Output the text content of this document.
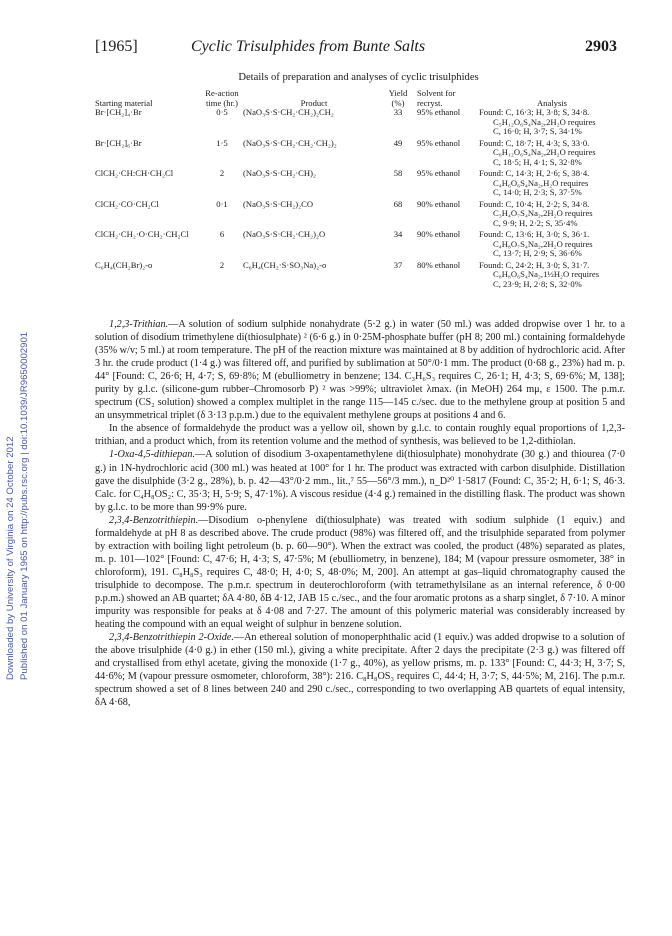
Downloaded by University of Virginia on 24 October 2012 Published on 01 January 1965 on http://pubs.rsc.org | doi:10.1039/JR9650002901
[1965]	Cyclic Trisulphides from Bunte Salts	2903
Details of preparation and analyses of cyclic trisulphides
Starting material	Re-action time (hr.)	Product	Yield (%)	Solvent for recryst.	Analysis
Br·[CH₂]₄·Br	0·5	(NaO₃S·S·CH₂·CH₂)₂CH₂	33	95% ethanol	Found: C, 16·3; H, 3·8; S, 34·8.
C₅H₁₂O₆S₄Na₂,2H₂O requires
C, 16·0; H, 3·7; S, 34·1%

Br·[CH₂]₆·Br	1·5	(NaO₃S·S·CH₂·CH₂·CH₂)₂	49	95% ethanol	Found: C, 18·7; H, 4·3; S, 33·0.
C₆H₁₂O₆S₄Na₂,2H₂O requires
C, 18·5; H, 4·1; S, 32·8%

ClCH₂·CH:CH·CH₂Cl	2	(NaO₃S·S·CH₂·CH)₂	58	95% ethanol	Found: C, 14·3; H, 2·6; S, 38·4.
C₄H₆O₆S₄Na₂,H₂O requires
C, 14·0; H, 2·3; S, 37·5%

ClCH₂·CO·CH₂Cl	0·1	(NaO₃S·S·CH₂)₂CO	68	90% ethanol	Found: C, 10·4; H, 2·2; S, 34·8.
C₃H₄O₇S₄Na₂,2H₂O requires
C, 9·9; H, 2·2; S, 35·4%

ClCH₂·CH₂·O·CH₂·CH₂Cl	6	(NaO₃S·S·CH₂·CH₂)₂O	34	90% ethanol	Found: C, 13·6; H, 3·0; S, 36·1.
C₄H₈O₇S₄Na₂,2H₂O requires
C, 13·7; H, 2·9; S, 36·6%

C₆H₄(CH₂Br)₂-o	2	C₆H₄(CH₂·S·SO₃Na)₂-o	37	80% ethanol	Found: C, 24·2; H, 3·0; S, 31·7.
C₈H₈O₆S₄Na₂,1½H₂O requires
C, 23·9; H, 2·8; S, 32·0%

1,2,3-Trithian.—A solution of sodium sulphide nonahydrate (5·2 g.) in water (50 ml.) was added dropwise over 1 hr. to a solution of disodium trimethylene di(thiosulphate) ² (6·6 g.) in 0·25M-phosphate buffer (pH 8; 200 ml.) containing formaldehyde (35% w/v; 5 ml.) at room temperature. The pH of the reaction mixture was maintained at 8 by addition of hydrochloric acid. After 3 hr. the crude product (1·4 g.) was filtered off, and purified by sublimation at 50°/0·1 mm. The product (0·68 g., 23%) had m. p. 44° [Found: C, 26·6; H, 4·7; S, 69·8%; M (ebulliometry in benzene; 134. C₃H₆S₃ requires C, 26·1; H, 4·3; S, 69·6%; M, 138]; purity by g.l.c. (silicone-gum rubber–Chromosorb P) ² was >99%; ultraviolet λmax. (in MeOH) 264 mμ, ε 1500. The p.m.r. spectrum (CS₂ solution) showed a complex multiplet in the range 115—145 c./sec. due to the methylene group at position 5 and an unsymmetrical triplet (δ 3·13 p.p.m.) due to the equivalent methylene groups at positions 4 and 6.

In the absence of formaldehyde the product was a yellow oil, shown by g.l.c. to contain roughly equal proportions of 1,2,3-trithian, and a product which, from its retention volume and the method of synthesis, was believed to be 1,2-dithiolan.

1-Oxa-4,5-dithiepan.—A solution of disodium 3-oxapentamethylene di(thiosulphate) monohydrate (30 g.) and thiourea (7·0 g.) in 1N-hydrochloric acid (300 ml.) was heated at 100° for 1 hr. The product was extracted with carbon disulphide. Distillation gave the disulphide (3·2 g., 28%), b. p. 42—43°/0·2 mm., lit.,⁷ 55—56°/3 mm.), n_D²⁰ 1·5817 (Found: C, 35·2; H, 6·1; S, 46·3. Calc. for C₄H₈OS₂: C, 35·3; H, 5·9; S, 47·1%). A viscous residue (4·4 g.) remained in the distilling flask. The product was shown by g.l.c. to be more than 99·9% pure.

2,3,4-Benzotrithiepin.—Disodium o-phenylene di(thiosulphate) was treated with sodium sulphide (1 equiv.) and formaldehyde at pH 8 as described above. The crude product (98%) was filtered off, and the trisulphide separated from polymer by extraction with boiling light petroleum (b. p. 60—90°). When the extract was cooled, the product (48%) separated as plates, m. p. 101—102° [Found: C, 47·6; H, 4·3; S, 47·5%; M (ebulliometry, in benzene), 184; M (vapour pressure osmometer, 38° in chloroform), 191. C₈H₈S₃ requires C, 48·0; H, 4·0; S, 48·0%; M, 200]. An attempt at gas–liquid chromatography caused the trisulphide to decompose. The p.m.r. spectrum in deuterochloroform (with tetramethylsilane as an internal reference, δ 0·00 p.p.m.) showed an AB quartet; δA 4·80, δB 4·12, JAB 15 c./sec., and the four aromatic protons as a sharp singlet, δ 7·10. A minor impurity was responsible for peaks at δ 4·08 and 7·27. The amount of this polymeric material was considerably increased by heating the compound with an equal weight of sulphur in benzene solution.

2,3,4-Benzotrithiepin 2-Oxide.—An ethereal solution of monoperphthalic acid (1 equiv.) was added dropwise to a solution of the above trisulphide (4·0 g.) in ether (150 ml.), giving a white precipitate. After 2 days the precipitate (2·3 g.) was filtered off and crystallised from ethyl acetate, giving the monoxide (1·7 g., 40%), as yellow prisms, m. p. 133° [Found: C, 44·3; H, 3·7; S, 44·6%; M (vapour pressure osmometer, chloroform, 38°): 216. C₈H₈OS₃ requires C, 44·4; H, 3·7; S, 44·5%; M, 216]. The p.m.r. spectrum showed a set of 8 lines between 240 and 290 c./sec., corresponding to two overlapping AB quartets of equal intensity, δA 4·68,
